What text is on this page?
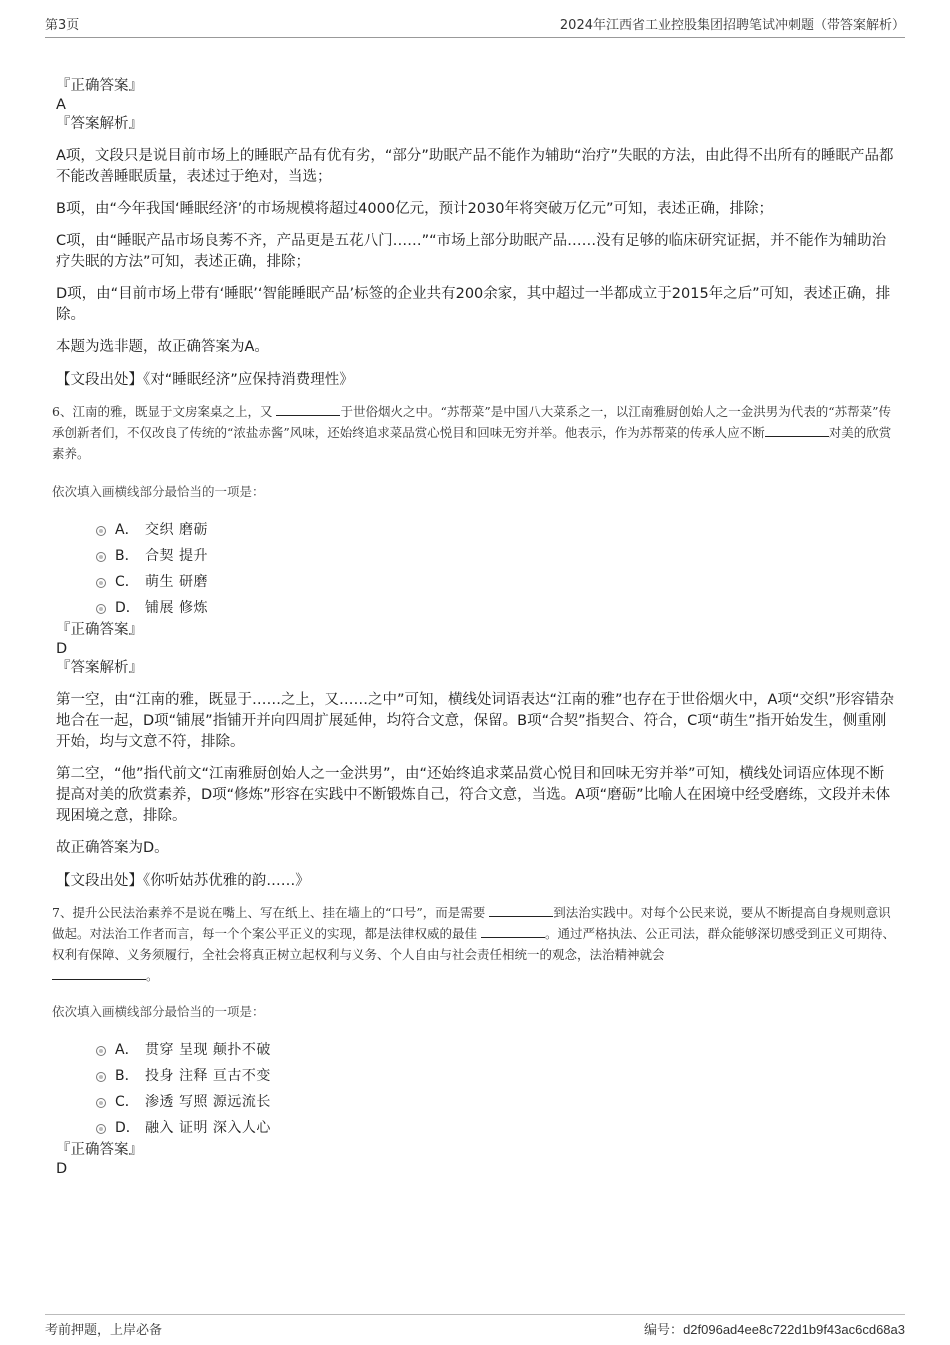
第3页	2024年江西省工业控股集团招聘笔试冲刺题（带答案解析）

『正确答案』

A

『答案解析』

A项，文段只是说目前市场上的睡眠产品有优有劣，“部分”助眠产品不能作为辅助“治疗”失眠的方法，由此得不出所有的睡眠产品都不能改善睡眠质量，表述过于绝对，当选；

B项，由“今年我国‘睡眠经济’的市场规模将超过4000亿元，预计2030年将突破万亿元”可知，表述正确，排除；

C项，由“睡眠产品市场良莠不齐，产品更是五花八门……”“市场上部分助眠产品……没有足够的临床研究证据，并不能作为辅助治疗失眠的方法”可知，表述正确，排除；

D项，由“目前市场上带有‘睡眠’‘智能睡眠产品’标签的企业共有200余家，其中超过一半都成立于2015年之后”可知，表述正确，排除。

本题为选非题，故正确答案为A。

【文段出处】《对“睡眠经济”应保持消费理性》

6、江南的雅，既显于文房案桌之上，又	于世俗烟火之中。“苏帮菜”是中国八大菜系之一，以江南雅厨创始人之一金洪男为代表的“苏帮菜”传承创新者们，不仅改良了传统的“浓盐赤酱”风味，还始终追求菜品赏心悦目和回味无穷并举。他表示，作为苏帮菜的传承人应不断	对美的欣赏素养。

依次填入画横线部分最恰当的一项是：

A． 交织 磨砺
B． 合契 提升
C． 萌生 研磨
D． 铺展 修炼

『正确答案』

D

『答案解析』

第一空，由“江南的雅，既显于……之上，又……之中”可知，横线处词语表达“江南的雅”也存在于世俗烟火中，A项“交织”形容错杂地合在一起，D项“铺展”指铺开并向四周扩展延伸，均符合文意，保留。B项“合契”指契合、符合，C项“萌生”指开始发生，侧重刚开始，均与文意不符，排除。

第二空，“他”指代前文“江南雅厨创始人之一金洪男”，由“还始终追求菜品赏心悦目和回味无穷并举”可知，横线处词语应体现不断提高对美的欣赏素养，D项“修炼”形容在实践中不断锻炼自己，符合文意，当选。A项“磨砺”比喻人在困境中经受磨练，文段并未体现困境之意，排除。

故正确答案为D。

【文段出处】《你听姑苏优雅的韵……》

7、提升公民法治素养不是说在嘴上、写在纸上、挂在墙上的“口号”，而是需要	到法治实践中。对每个公民来说，要从不断提高自身规则意识做起。对法治工作者而言，每一个个案公平正义的实现，都是法律权威的最佳	。通过严格执法、公正司法，群众能够深切感受到正义可期待、权利有保障、义务须履行，全社会将真正树立起权利与义务、个人自由与社会责任相统一的观念，法治精神就会
。

依次填入画横线部分最恰当的一项是：

A． 贯穿 呈现 颠扑不破
B． 投身 注释 亘古不变
C． 渗透 写照 源远流长
D． 融入 证明 深入人心

『正确答案』

D

考前押题，上岸必备	编号：d2f096ad4ee8c722d1b9f43ac6cd68a3
